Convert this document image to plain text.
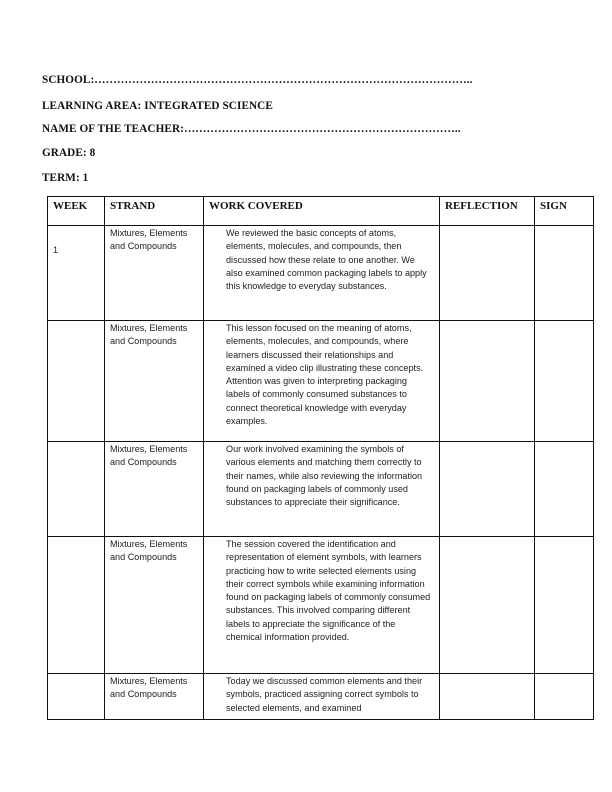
SCHOOL:………………………………………………………………………………………..
LEARNING AREA: INTEGRATED SCIENCE
NAME OF THE TEACHER:………………………………………………………………..
GRADE: 8
TERM: 1
WEEK	STRAND	WORK COVERED	REFLECTION	SIGN
1	Mixtures, Elements and Compounds	We reviewed the basic concepts of atoms, elements, molecules, and compounds, then discussed how these relate to one another. We also examined common packaging labels to apply this knowledge to everyday substances.		
	Mixtures, Elements and Compounds	This lesson focused on the meaning of atoms, elements, molecules, and compounds, where learners discussed their relationships and examined a video clip illustrating these concepts. Attention was given to interpreting packaging labels of commonly consumed substances to connect theoretical knowledge with everyday examples.		
	Mixtures, Elements and Compounds	Our work involved examining the symbols of various elements and matching them correctly to their names, while also reviewing the information found on packaging labels of commonly used substances to appreciate their significance.		
	Mixtures, Elements and Compounds	The session covered the identification and representation of element symbols, with learners practicing how to write selected elements using their correct symbols while examining information found on packaging labels of commonly consumed substances. This involved comparing different labels to appreciate the significance of the chemical information provided.		
	Mixtures, Elements and Compounds	Today we discussed common elements and their symbols, practiced assigning correct symbols to selected elements, and examined		
